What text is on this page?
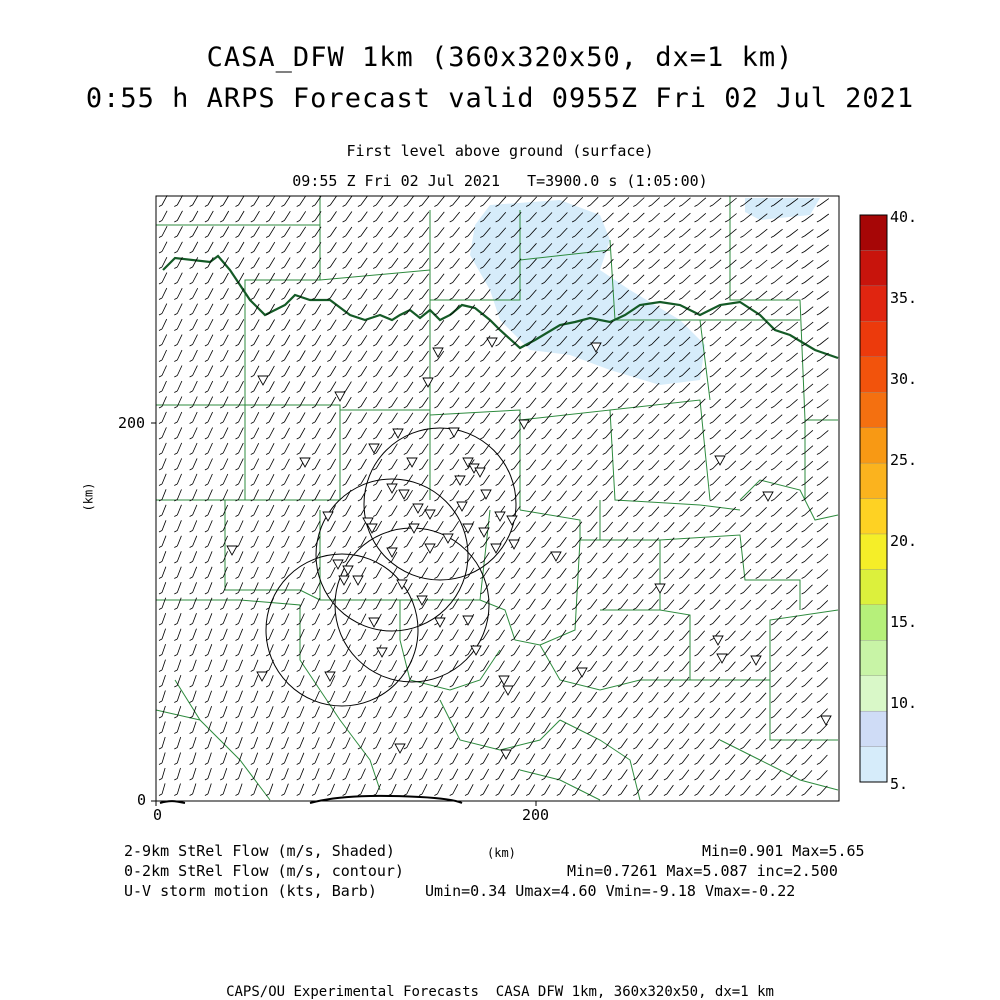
CASA_DFW 1km (360x320x50, dx=1 km)
0:55 h ARPS Forecast valid 0955Z Fri 02 Jul 2021
First level above ground (surface)
09:55 Z Fri 02 Jul 2021   T=3900.0 s (1:05:00)
0	200
0
200
(km)
5.
10.
15.
20.
25.
30.
35.
40.
2-9km StRel Flow (m/s, Shaded)	(km)	Min=0.901 Max=5.65
0-2km StRel Flow (m/s, contour)	Min=0.7261 Max=5.087 inc=2.500
U-V storm motion (kts, Barb)	Umin=0.34 Umax=4.60 Vmin=-9.18 Vmax=-0.22
CAPS/OU Experimental Forecasts  CASA DFW 1km, 360x320x50, dx=1 km
